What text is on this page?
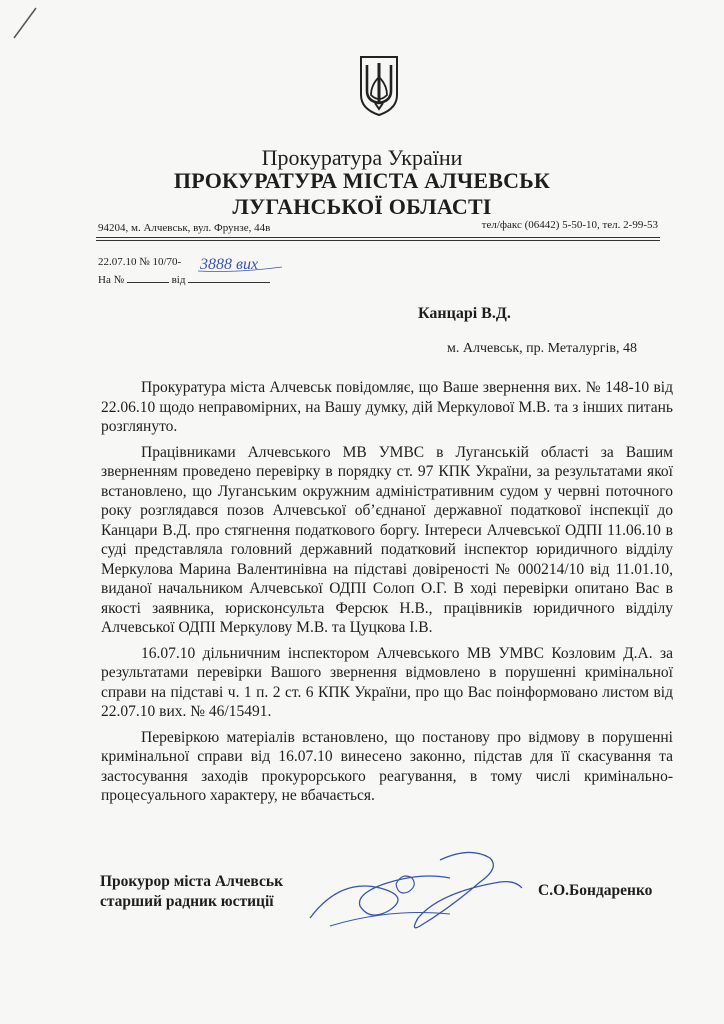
Прокуратура України
ПРОКУРАТУРА МІСТА АЛЧЕВСЬК
ЛУГАНСЬКОЇ ОБЛАСТІ
94204, м. Алчевськ, вул. Фрунзе, 44в	тел/факс (06442) 5-50-10, тел. 2-99-53
22.07.10 № 10/70- 3888 вих
На №	від
Канцарі В.Д.
м. Алчевськ, пр. Металургів, 48

Прокуратура міста Алчевськ повідомляє, що Ваше звернення вих. № 148-10 від 22.06.10 щодо неправомірних, на Вашу думку, дій Меркулової М.В. та з інших питань розглянуто.

Працівниками Алчевського МВ УМВС в Луганській області за Вашим зверненням проведено перевірку в порядку ст. 97 КПК України, за результатами якої встановлено, що Луганським окружним адміністративним судом у червні поточного року розглядався позов Алчевської об’єднаної державної податкової інспекції до Канцари В.Д. про стягнення податкового боргу. Інтереси Алчевської ОДПІ 11.06.10 в суді представляла головний державний податковий інспектор юридичного відділу Меркулова Марина Валентинівна на підставі довіреності № 000214/10 від 11.01.10, виданої начальником Алчевської ОДПІ Солоп О.Г. В ході перевірки опитано Вас в якості заявника, юрисконсульта Ферсюк Н.В., працівників юридичного відділу Алчевської ОДПІ Меркулову М.В. та Цуцкова І.В.

16.07.10 дільничним інспектором Алчевського МВ УМВС Козловим Д.А. за результатами перевірки Вашого звернення відмовлено в порушенні кримінальної справи на підставі ч. 1 п. 2 ст. 6 КПК України, про що Вас поінформовано листом від 22.07.10 вих. № 46/15491.

Перевіркою матеріалів встановлено, що постанову про відмову в порушенні кримінальної справи від 16.07.10 винесено законно, підстав для її скасування та застосування заходів прокурорського реагування, в тому числі кримінально-процесуального характеру, не вбачається.

Прокурор міста Алчевськ
старший радник юстиції
С.О.Бондаренко
